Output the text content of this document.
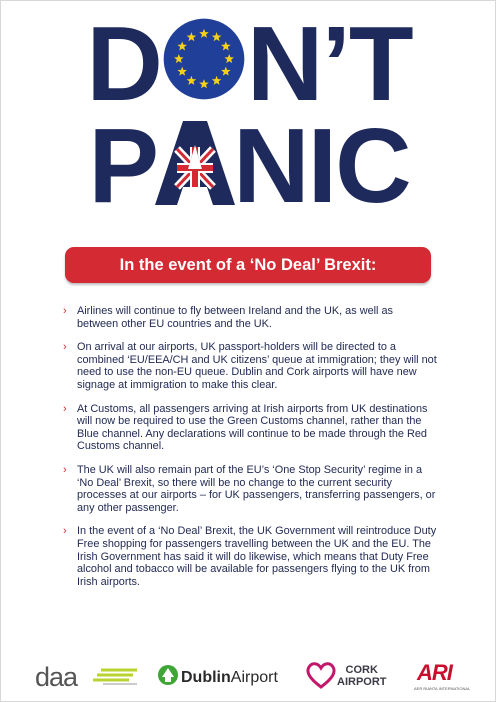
D N’T
P NIC
In the event of a ‘No Deal’ Brexit:
› Airlines will continue to fly between Ireland and the UK, as well as between other EU countries and the UK.
› On arrival at our airports, UK passport-holders will be directed to a combined ‘EU/EEA/CH and UK citizens’ queue at immigration; they will not need to use the non-EU queue. Dublin and Cork airports will have new signage at immigration to make this clear.
› At Customs, all passengers arriving at Irish airports from UK destinations will now be required to use the Green Customs channel, rather than the Blue channel. Any declarations will continue to be made through the Red Customs channel.
› The UK will also remain part of the EU’s ‘One Stop Security’ regime in a ‘No Deal’ Brexit, so there will be no change to the current security processes at our airports – for UK passengers, transferring passengers, or any other passenger.
› In the event of a ‘No Deal’ Brexit, the UK Government will reintroduce Duty Free shopping for passengers travelling between the UK and the EU. The Irish Government has said it will do likewise, which means that Duty Free alcohol and tobacco will be available for passengers flying to the UK from Irish airports.
daa	DublinAirport	CORK
AIRPORT ARI
AER RIANTA INTERNATIONAL
